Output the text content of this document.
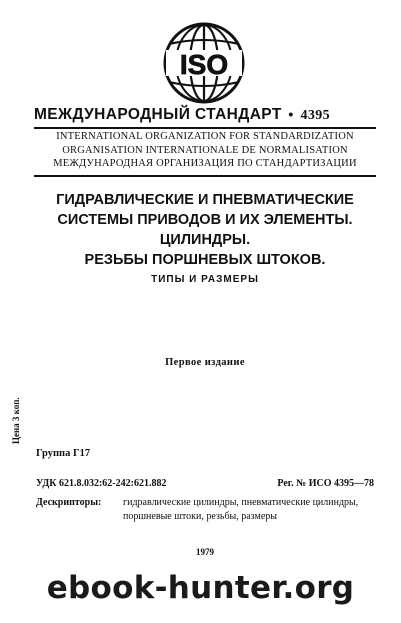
ISO
МЕЖДУНАРОДНЫЙ СТАНДАРТ • 4395
INTERNATIONAL ORGANIZATION FOR STANDARDIZATION
ORGANISATION INTERNATIONALE DE NORMALISATION
МЕЖДУНАРОДНАЯ ОРГАНИЗАЦИЯ ПО СТАНДАРТИЗАЦИИ
ГИДРАВЛИЧЕСКИЕ И ПНЕВМАТИЧЕСКИЕ
СИСТЕМЫ ПРИВОДОВ И ИХ ЭЛЕМЕНТЫ.
ЦИЛИНДРЫ.
РЕЗЬБЫ ПОРШНЕВЫХ ШТОКОВ.
ТИПЫ И РАЗМЕРЫ
Первое издание
Цена 3 коп.
Группа Г17
УДК 621.8.032:62-242:621.882	Рег. № ИСО 4395—78
Дескрипторы: гидравлические цилиндры, пневматические цилиндры, поршневые штоки, резьбы, размеры
1979
ebook-hunter.org
